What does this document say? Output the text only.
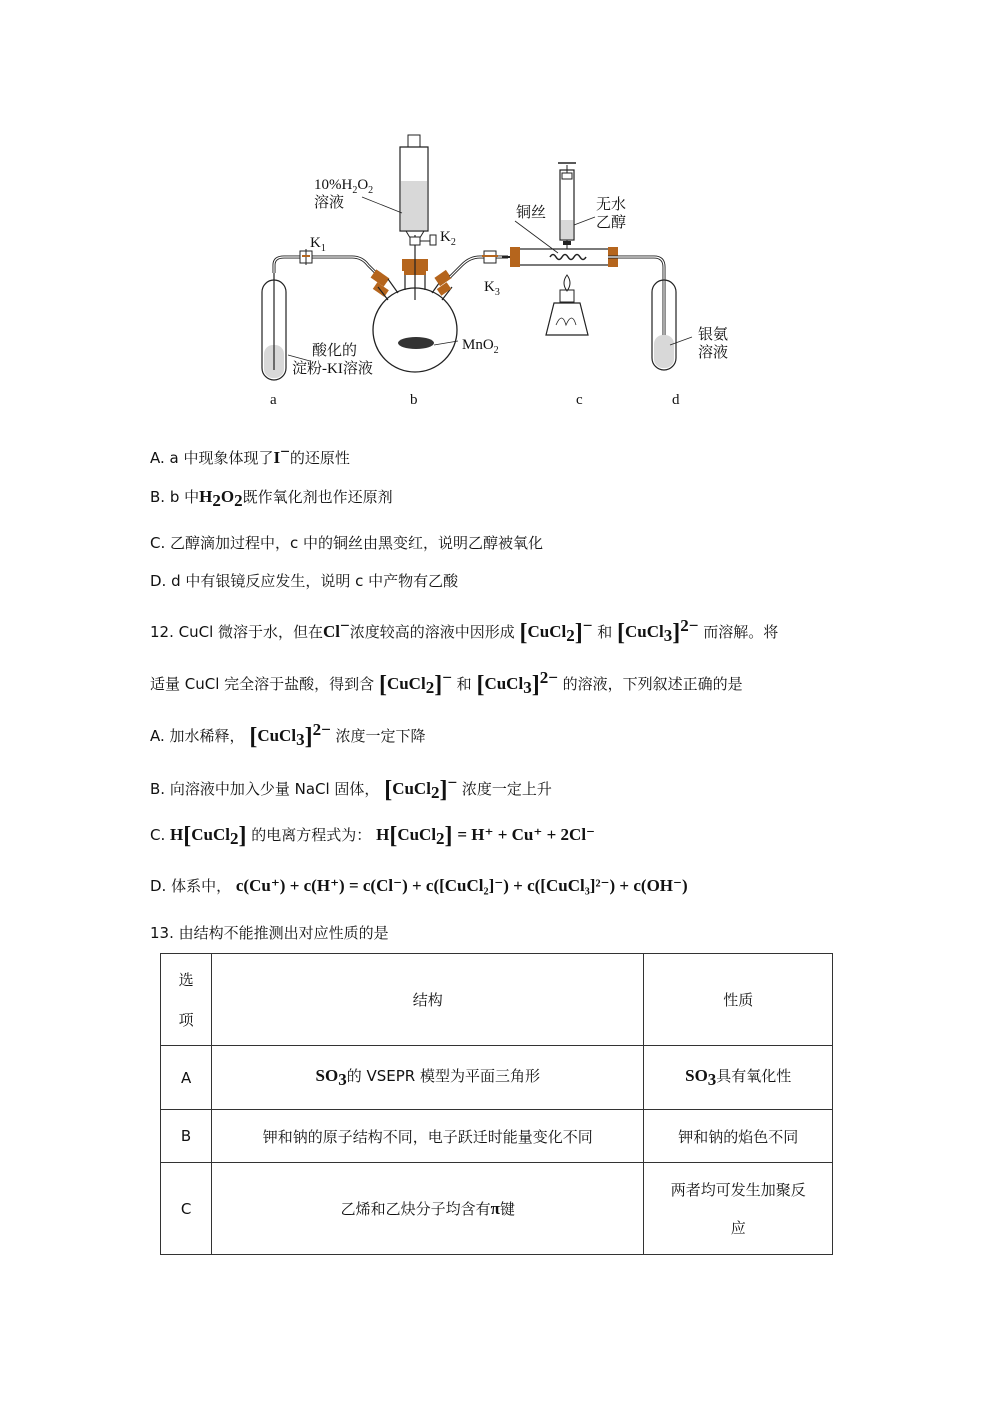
$10\%H_2O_2$
溶液
$K_1$
$K_2$
$K_3$
铜丝	无水
乙醇
MnO$_2$
酸化的
淀粉-KI溶液
银氨
溶液
a	b	c	d
A. a 中现象体现了I−的还原性
B. b 中$H_2O_2$既作氧化剂也作还原剂
C. 乙醇滴加过程中，c 中的铜丝由黑变红，说明乙醇被氧化
D. d 中有银镜反应发生，说明 c 中产物有乙酸
12. CuCl 微溶于水，但在Cl−浓度较高的溶液中因形成 [CuCl$_2$]− 和 [CuCl$_3$]$^{2-}$ 而溶解。将
适量 CuCl 完全溶于盐酸，得到含 [CuCl$_2$]− 和 [CuCl$_3$]$^{2-}$ 的溶液，下列叙述正确的是
A. 加水稀释， [CuCl$_3$]$^{2-}$ 浓度一定下降
B. 向溶液中加入少量 NaCl 固体， [CuCl$_2$]− 浓度一定上升
C. H[CuCl$_2$] 的电离方程式为： H[CuCl$_2$] = H⁺ + Cu⁺ + 2Cl⁻
D. 体系中， c(Cu⁺) + c(H⁺) = c(Cl⁻) + c([CuCl₂]⁻) + c([CuCl₃]²⁻) + c(OH⁻)
13. 由结构不能推测出对应性质的是
选
项	结构	性质
A	$SO_3$的 VSEPR 模型为平面三角形	$SO_3$具有氧化性
B	钾和钠的原子结构不同，电子跃迁时能量变化不同	钾和钠的焰色不同
C	乙烯和乙炔分子均含有π键	两者均可发生加聚反
应
